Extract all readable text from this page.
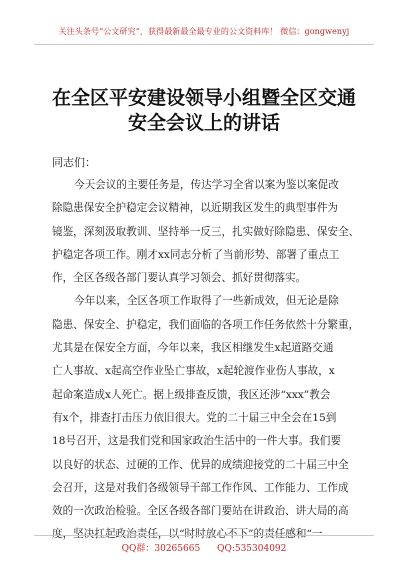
关注头条号“公文研究”，获得最新最全最专业的公文资料库！ 微信：gongwenyj
在全区平安建设领导小组暨全区交通
安全会议上的讲话

同志们：

今天会议的主要任务是，传达学习全省以案为鉴以案促改

除隐患保安全护稳定会议精神，以近期我区发生的典型事件为

镜鉴，深刻汲取教训、坚持举一反三，扎实做好除隐患、保安全、

护稳定各项工作。刚才xx同志分析了当前形势、部署了重点工

作，全区各级各部门要认真学习领会、抓好贯彻落实。

今年以来，全区各项工作取得了一些新成效，但无论是除

隐患、保安全、护稳定，我们面临的各项工作任务依然十分繁重，

尤其是在保安全方面，今年以来，我区相继发生x起道路交通

亡人事故、x起高空作业坠亡事故，x起轮渡作业伤人事故，x

起命案造成x人死亡。据上级排查反馈，我区还涉“xxx”教会

有x个，排查打击压力依旧很大。党的二十届三中全会在15到

18号召开，这是我们党和国家政治生活中的一件大事。我们要

以良好的状态、过硬的工作、优异的成绩迎接党的二十届三中全

会召开，这是对我们各级领导干部工作作风、工作能力、工作成

效的一次政治检验。全区各级各部门要站在讲政治、讲大局的高

度，坚决扛起政治责任，以“时时放心不下”的责任感和“一

QQ群：30265665 QQ:535304092
